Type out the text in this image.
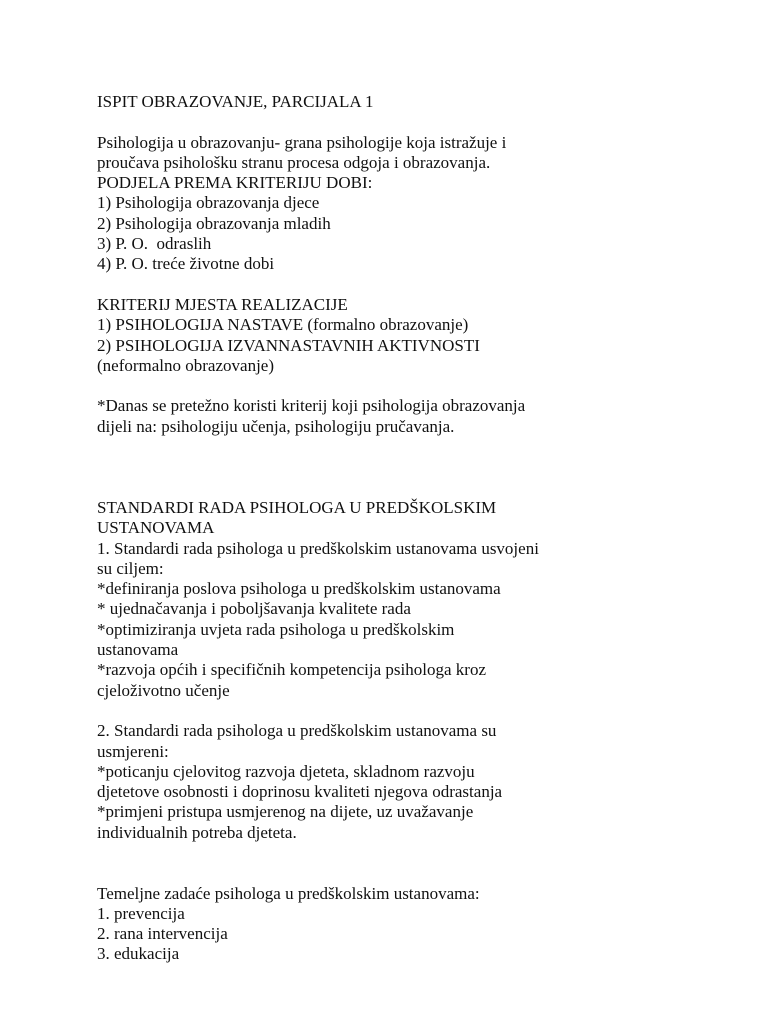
ISPIT OBRAZOVANJE, PARCIJALA 1
Psihologija u obrazovanju- grana psihologije koja istražuje i
proučava psihološku stranu procesa odgoja i obrazovanja.
PODJELA PREMA KRITERIJU DOBI:
1) Psihologija obrazovanja djece
2) Psihologija obrazovanja mladih
3) P. O.  odraslih
4) P. O. treće životne dobi
KRITERIJ MJESTA REALIZACIJE
1) PSIHOLOGIJA NASTAVE (formalno obrazovanje)
2) PSIHOLOGIJA IZVANNASTAVNIH AKTIVNOSTI
(neformalno obrazovanje)
*Danas se pretežno koristi kriterij koji psihologija obrazovanja
dijeli na: psihologiju učenja, psihologiju pručavanja.
STANDARDI RADA PSIHOLOGA U PREDŠKOLSKIM
USTANOVAMA
1. Standardi rada psihologa u predškolskim ustanovama usvojeni
su ciljem:
*definiranja poslova psihologa u predškolskim ustanovama
* ujednačavanja i poboljšavanja kvalitete rada
*optimiziranja uvjeta rada psihologa u predškolskim
ustanovama
*razvoja općih i specifičnih kompetencija psihologa kroz
cjeloživotno učenje
2. Standardi rada psihologa u predškolskim ustanovama su
usmjereni:
*poticanju cjelovitog razvoja djeteta, skladnom razvoju
djetetove osobnosti i doprinosu kvaliteti njegova odrastanja
*primjeni pristupa usmjerenog na dijete, uz uvažavanje
individualnih potreba djeteta.
Temeljne zadaće psihologa u predškolskim ustanovama:
1. prevencija
2. rana intervencija
3. edukacija
